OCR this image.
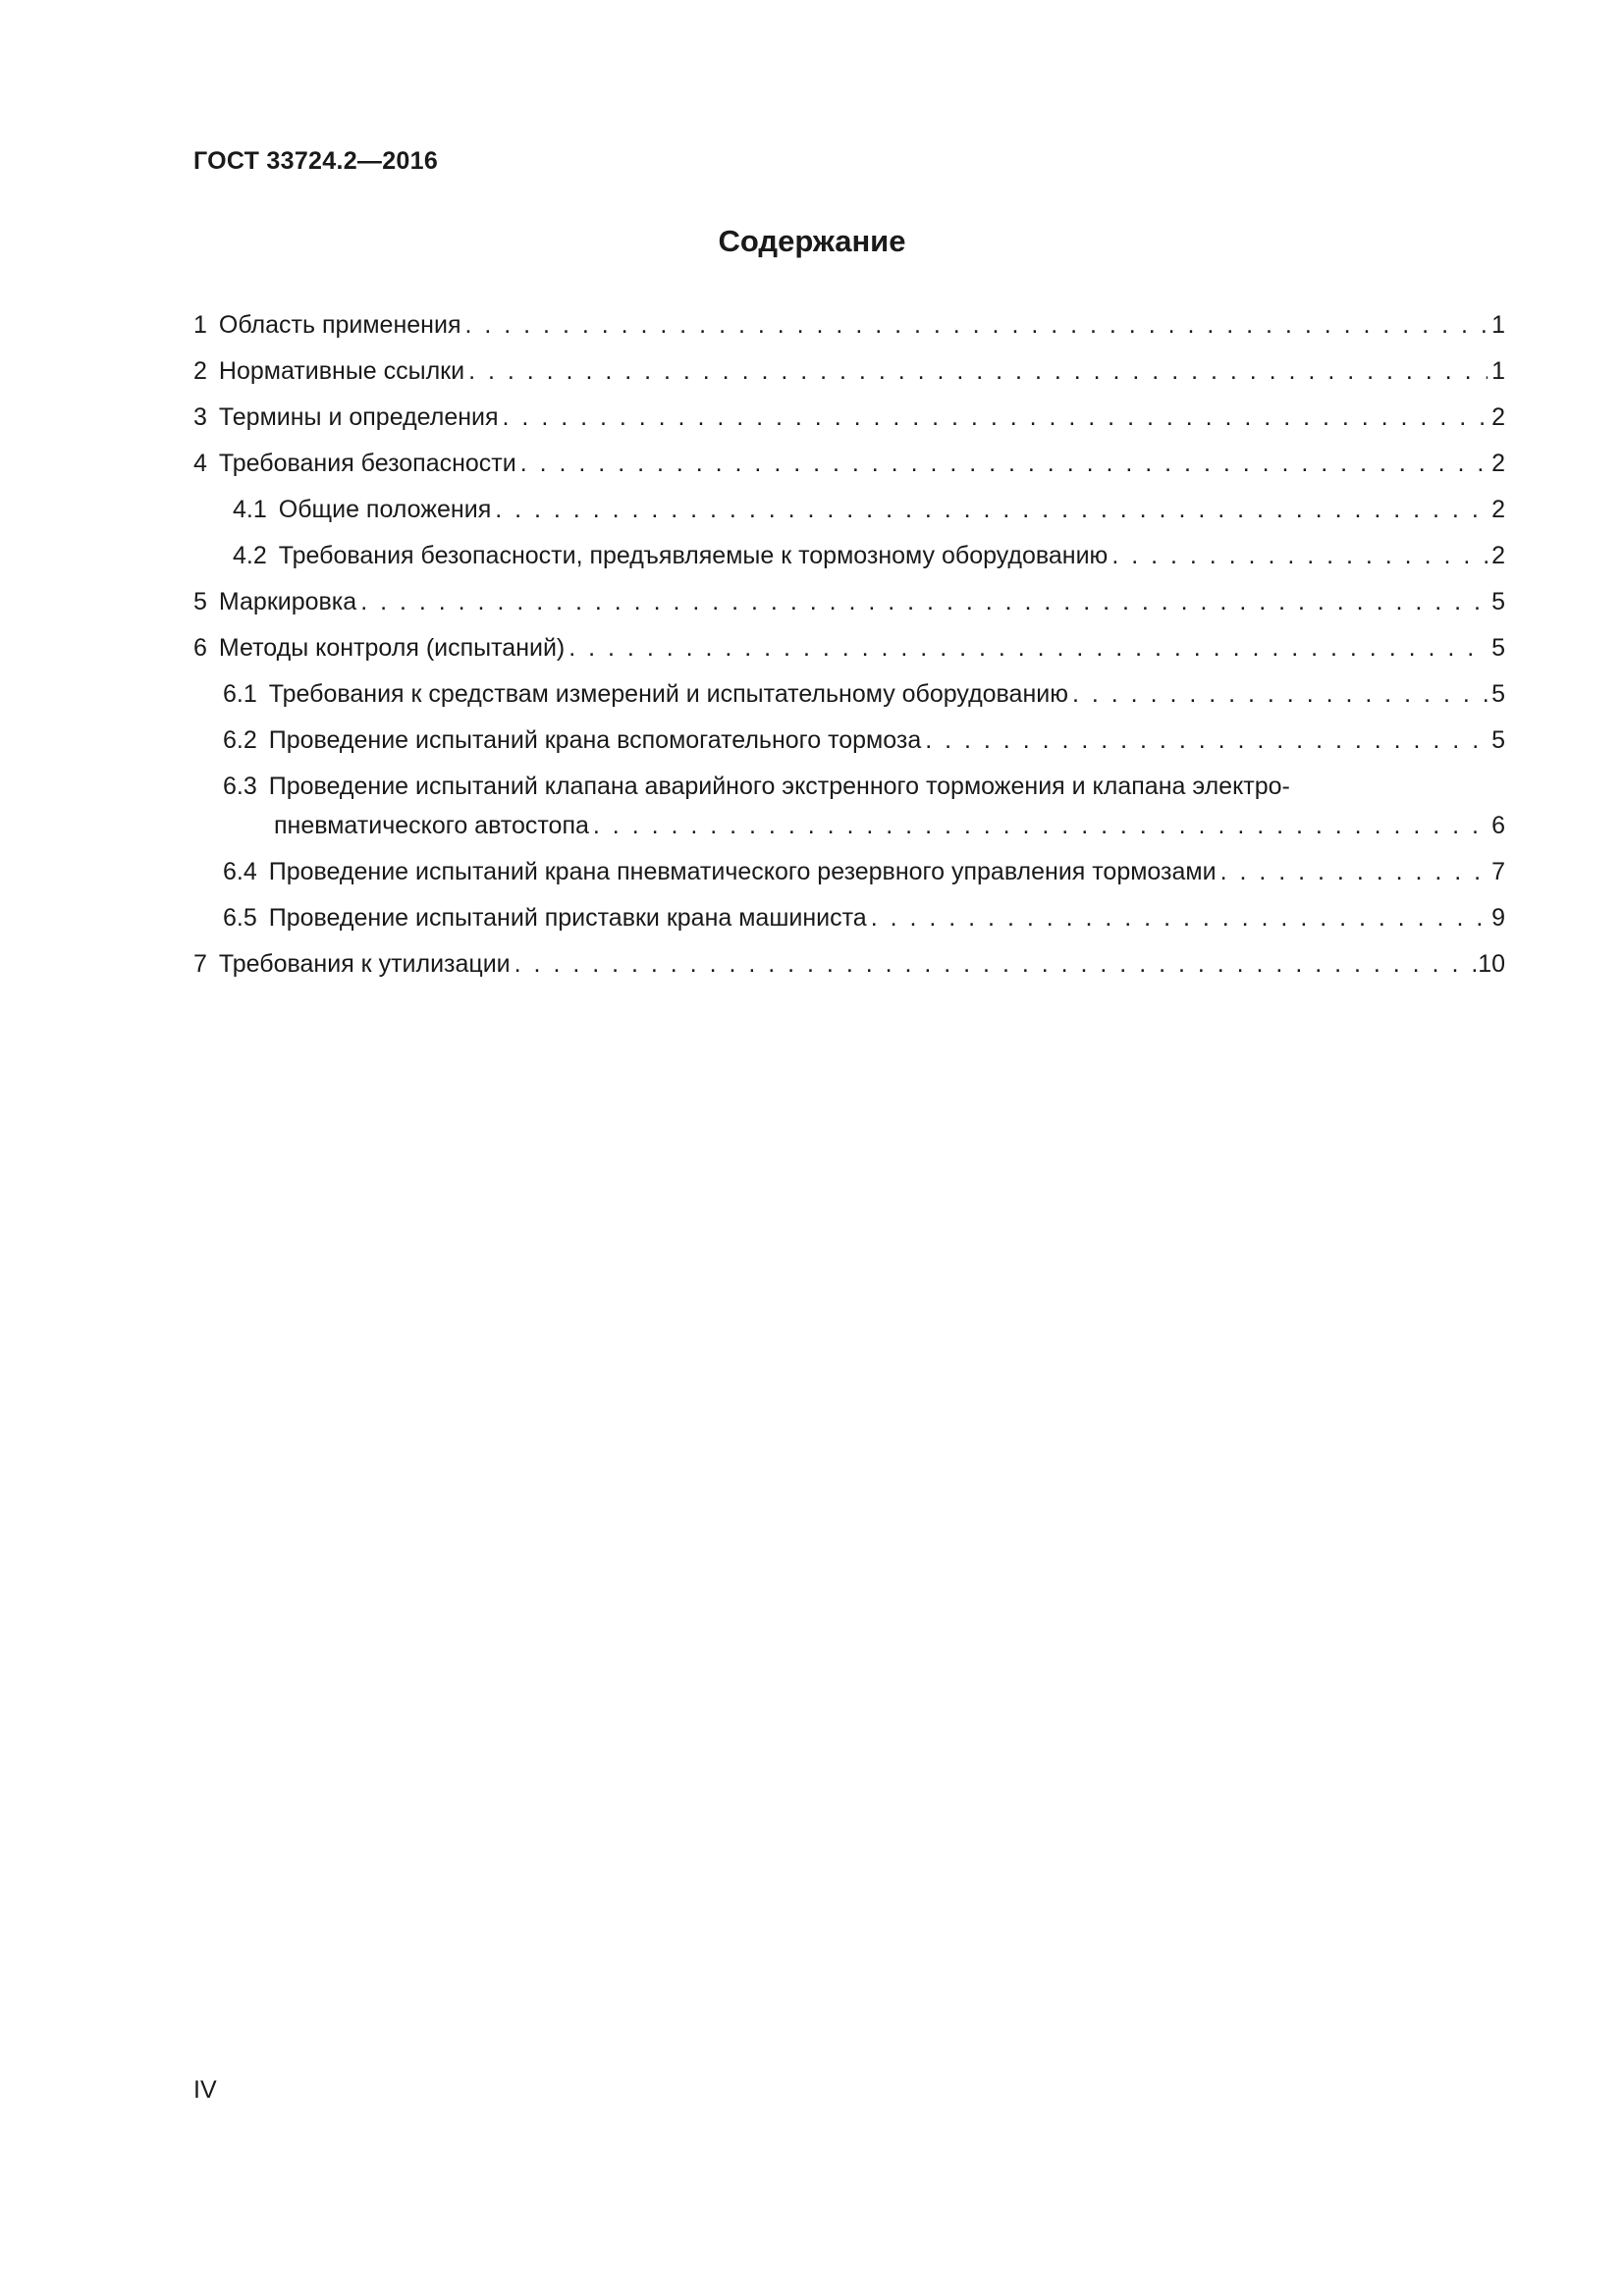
ГОСТ 33724.2—2016
Содержание
1 Область применения . . .	1
2 Нормативные ссылки . . .	1
3 Термины и определения . . .	2
4 Требования безопасности . . .	2
4.1 Общие положения . . .	2
4.2 Требования безопасности, предъявляемые к тормозному оборудованию . . .	2
5 Маркировка . . .	5
6 Методы контроля (испытаний) . . .	5
6.1 Требования к средствам измерений и испытательному оборудованию . . .	5
6.2 Проведение испытаний крана вспомогательного тормоза . . .	5
6.3 Проведение испытаний клапана аварийного экстренного торможения и клапана электро-
пневматического автостопа . . .	6
6.4 Проведение испытаний крана пневматического резервного управления тормозами . . .	7
6.5 Проведение испытаний приставки крана машиниста . . .	9
7 Требования к утилизации . . .	10
IV
